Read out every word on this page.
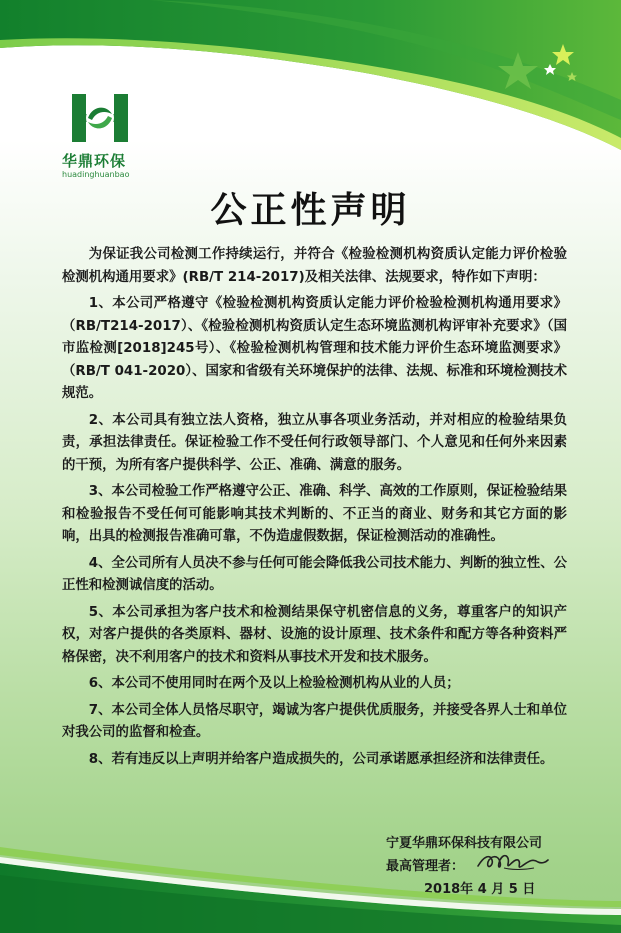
华鼎环保
huadinghuanbao
公正性声明

为保证我公司检测工作持续运行，并符合《检验检测机构资质认定能力评价检验检测机构通用要求》(RB/T 214-2017)及相关法律、法规要求，特作如下声明：

1、本公司严格遵守《检验检测机构资质认定能力评价检验检测机构通用要求》（RB/T214-2017）、《检验检测机构资质认定生态环境监测机构评审补充要求》（国市监检测[2018]245号）、《检验检测机构管理和技术能力评价生态环境监测要求》（RB/T 041-2020）、国家和省级有关环境保护的法律、法规、标准和环境检测技术规范。

2、本公司具有独立法人资格，独立从事各项业务活动，并对相应的检验结果负责，承担法律责任。保证检验工作不受任何行政领导部门、个人意见和任何外来因素的干预，为所有客户提供科学、公正、准确、满意的服务。

3、本公司检验工作严格遵守公正、准确、科学、高效的工作原则，保证检验结果和检验报告不受任何可能影响其技术判断的、不正当的商业、财务和其它方面的影响，出具的检测报告准确可靠，不伪造虚假数据，保证检测活动的准确性。

4、全公司所有人员决不参与任何可能会降低我公司技术能力、判断的独立性、公正性和检测诚信度的活动。

5、本公司承担为客户技术和检测结果保守机密信息的义务，尊重客户的知识产权，对客户提供的各类原料、器材、设施的设计原理、技术条件和配方等各种资料严格保密，决不利用客户的技术和资料从事技术开发和技术服务。

6、本公司不使用同时在两个及以上检验检测机构从业的人员；

7、本公司全体人员恪尽职守，竭诚为客户提供优质服务，并接受各界人士和单位对我公司的监督和检查。

8、若有违反以上声明并给客户造成损失的，公司承诺愿承担经济和法律责任。

宁夏华鼎环保科技有限公司
最高管理者：
2018年 4 月 5 日
